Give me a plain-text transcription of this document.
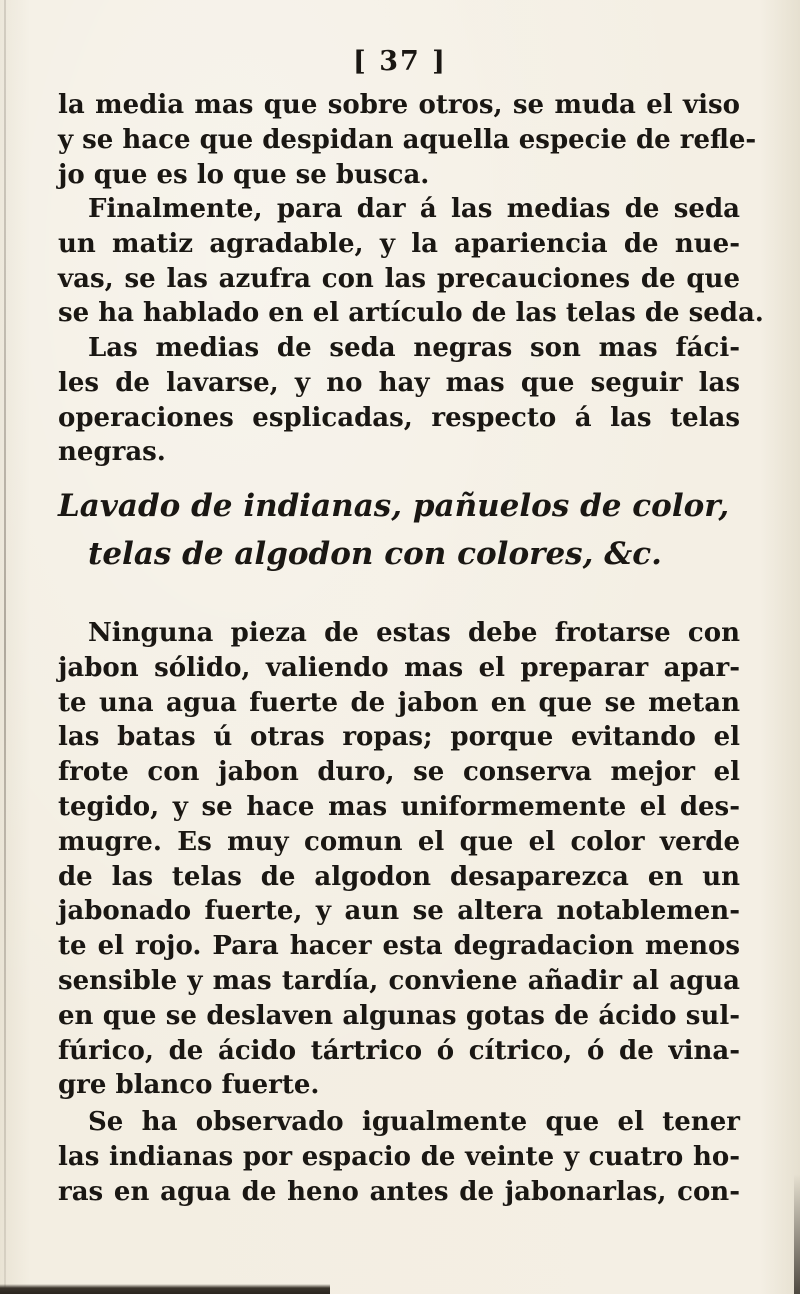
[ 37 ]
la media mas que sobre otros, se muda el viso
y se hace que despidan aquella especie de refle-
jo que es lo que se busca.
Finalmente, para dar á las medias de seda
un matiz agradable, y la apariencia de nue-
vas, se las azufra con las precauciones de que
se ha hablado en el artículo de las telas de seda.
Las medias de seda negras son mas fáci-
les de lavarse, y no hay mas que seguir las
operaciones esplicadas, respecto á las telas
negras.
Lavado de indianas, pañuelos de color,
telas de algodon con colores, &c.
Ninguna pieza de estas debe frotarse con
jabon sólido, valiendo mas el preparar apar-
te una agua fuerte de jabon en que se metan
las batas ú otras ropas; porque evitando el
frote con jabon duro, se conserva mejor el
tegido, y se hace mas uniformemente el des-
mugre. Es muy comun el que el color verde
de las telas de algodon desaparezca en un
jabonado fuerte, y aun se altera notablemen-
te el rojo. Para hacer esta degradacion menos
sensible y mas tardía, conviene añadir al agua
en que se deslaven algunas gotas de ácido sul-
fúrico, de ácido tártrico ó cítrico, ó de vina-
gre blanco fuerte.
Se ha observado igualmente que el tener
las indianas por espacio de veinte y cuatro ho-
ras en agua de heno antes de jabonarlas, con-
